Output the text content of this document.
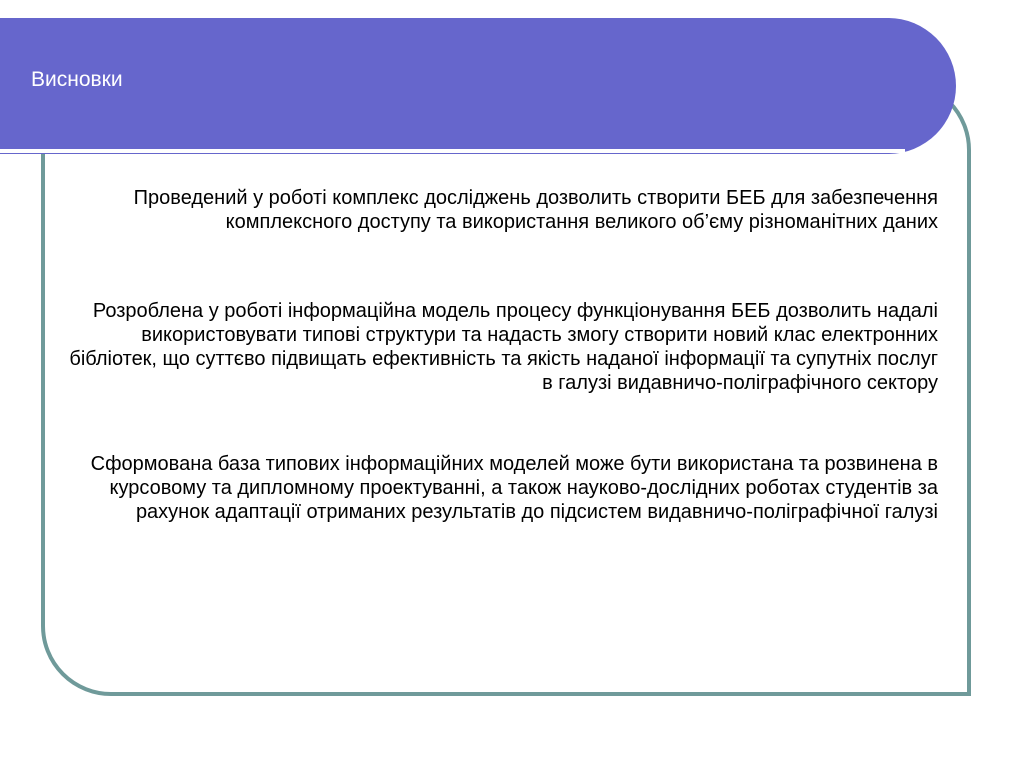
Висновки

Проведений у роботі комплекс досліджень дозволить створити БЕБ для забезпечення комплексного доступу та використання великого об’єму різноманітних даних

Розроблена у роботі інформаційна модель процесу функціонування БЕБ дозволить надалі використовувати типові структури та надасть змогу створити новий клас електронних бібліотек, що суттєво підвищать ефективність та якість наданої інформації та супутніх послуг в галузі видавничо-поліграфічного сектору

Сформована база типових інформаційних моделей може бути використана та розвинена в курсовому та дипломному проектуванні, а також науково-дослідних роботах студентів за рахунок адаптації отриманих результатів до підсистем видавничо-поліграфічної галузі
